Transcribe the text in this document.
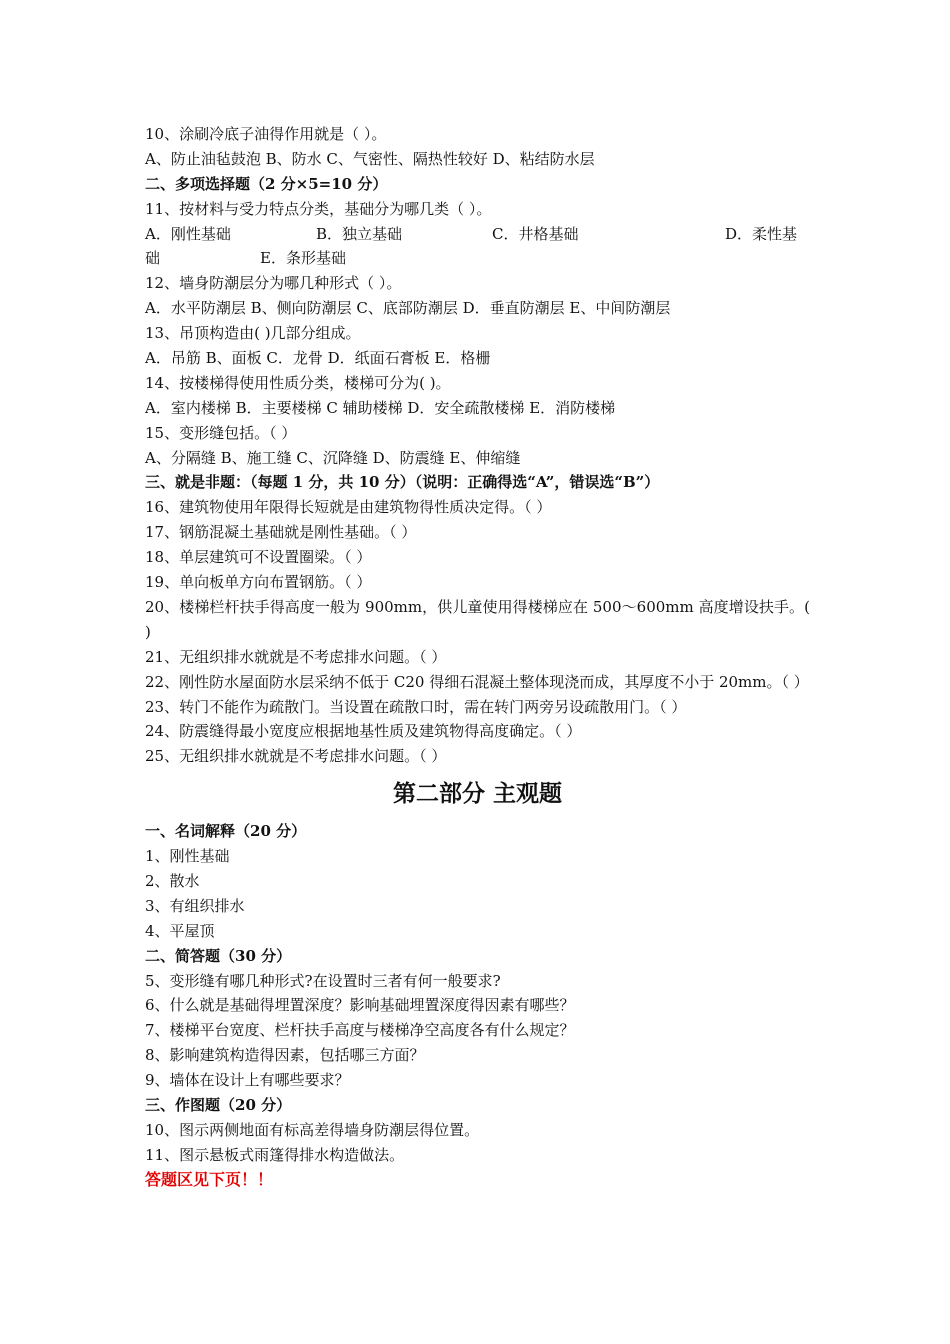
10、涂刷冷底子油得作用就是（ ）。
A、防止油毡鼓泡 B、防水 C、气密性、隔热性较好 D、粘结防水层
二、多项选择题（2 分×5=10 分）
11、按材料与受力特点分类，基础分为哪几类（ ）。
A．刚性基础	B．独立基础	C．井格基础	D．柔性基
础	E．条形基础
12、墙身防潮层分为哪几种形式（ ）。
A．水平防潮层 B、侧向防潮层 C、底部防潮层 D．垂直防潮层 E、中间防潮层
13、吊顶构造由( )几部分组成。
A．吊筋 B、面板 C．龙骨 D．纸面石膏板 E．格栅
14、按楼梯得使用性质分类，楼梯可分为( )。
A．室内楼梯 B．主要楼梯 C 辅助楼梯 D．安全疏散楼梯 E．消防楼梯
15、变形缝包括。（ ）
A、分隔缝 B、施工缝 C、沉降缝 D、防震缝 E、伸缩缝
三、就是非题：（每题 1 分，共 10 分）（说明：正确得选“A”，错误选“B”）
16、建筑物使用年限得长短就是由建筑物得性质决定得。（ ）
17、钢筋混凝土基础就是刚性基础。（ ）
18、单层建筑可不设置圈梁。（ ）
19、单向板单方向布置钢筋。（ ）
20、楼梯栏杆扶手得高度一般为 900mm，供儿童使用得楼梯应在 500～600mm 高度增设扶手。( )
21、无组织排水就就是不考虑排水问题。（ ）
22、刚性防水屋面防水层采纳不低于 C20 得细石混凝土整体现浇而成，其厚度不小于 20mm。（ ）
23、转门不能作为疏散门。当设置在疏散口时，需在转门两旁另设疏散用门。（ ）
24、防震缝得最小宽度应根据地基性质及建筑物得高度确定。（ ）
25、无组织排水就就是不考虑排水问题。（ ）
第二部分 主观题
一、名词解释（20 分）
1、刚性基础
2、散水
3、有组织排水
4、平屋顶
二、简答题（30 分）
5、变形缝有哪几种形式?在设置时三者有何一般要求?
6、什么就是基础得埋置深度？影响基础埋置深度得因素有哪些？
7、楼梯平台宽度、栏杆扶手高度与楼梯净空高度各有什么规定？
8、影响建筑构造得因素，包括哪三方面？
9、墙体在设计上有哪些要求？
三、作图题（20 分）
10、图示两侧地面有标高差得墙身防潮层得位置。
11、图示悬板式雨篷得排水构造做法。
答题区见下页！！
